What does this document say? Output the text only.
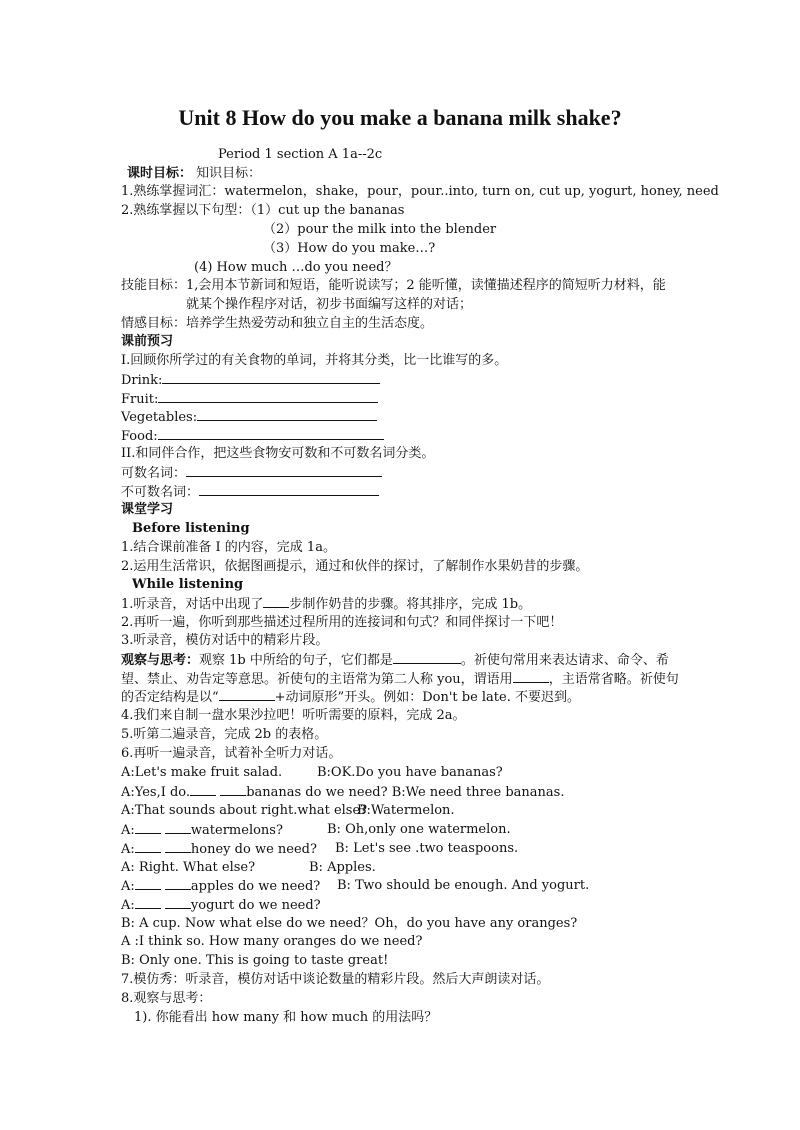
Unit 8 How do you make a banana milk shake?
Period 1 section A 1a--2c
课时目标： 知识目标：
1.熟练掌握词汇：watermelon，shake，pour，pour..into, turn on, cut up, yogurt, honey, need
2.熟练掌握以下句型：（1）cut up the bananas
（2）pour the milk into the blender
（3）How do you make…?
(4) How much …do you need？
技能目标：1,会用本节新词和短语，能听说读写；2 能听懂，读懂描述程序的简短听力材料，能
就某个操作程序对话，初步书面编写这样的对话；
情感目标：培养学生热爱劳动和独立自主的生活态度。
课前预习
I.回顾你所学过的有关食物的单词，并将其分类，比一比谁写的多。
Drink:
Fruit:
Vegetables:
Food:
II.和同伴合作，把这些食物安可数和不可数名词分类。
可数名词：
不可数名词：
课堂学习
Before listening
1.结合课前准备 I 的内容，完成 1a。
2.运用生活常识，依据图画提示，通过和伙伴的探讨，了解制作水果奶昔的步骤。
While listening
1.听录音，对话中出现了 步制作奶昔的步骤。将其排序，完成 1b。
2.再听一遍，你听到那些描述过程所用的连接词和句式？和同伴探讨一下吧！
3.听录音，模仿对话中的精彩片段。
观察与思考：观察 1b 中所给的句子，它们都是	。祈使句常用来表达请求、命令、希
望、禁止、劝告定等意思。祈使句的主语常为第二人称 you，谓语用	，主语常省略。祈使句
的否定结构是以“	+动词原形”开头。例如：Don't be late. 不要迟到。
4.我们来自制一盘水果沙拉吧！听听需要的原料，完成 2a。
5.听第二遍录音，完成 2b 的表格。
6.再听一遍录音，试着补全听力对话。
A:Let's make fruit salad.	B:OK.Do you have bananas?
A:Yes,I do.	bananas do we need? B:We need three bananas.
A:That sounds about right.what else?
B:Watermelon.
A:	watermelons?	B: Oh,only one watermelon.
A:	honey do we need? B: Let's see .two teaspoons.
A: Right. What else?	B: Apples.
A:	apples do we need? B: Two should be enough. And yogurt.
A:	yogurt do we need?
B: A cup. Now what else do we need？Oh，do you have any oranges?
A :I think so. How many oranges do we need?
B: Only one. This is going to taste great!
7.模仿秀：听录音，模仿对话中谈论数量的精彩片段。然后大声朗读对话。
8.观察与思考：
1). 你能看出 how many 和 how much 的用法吗？
